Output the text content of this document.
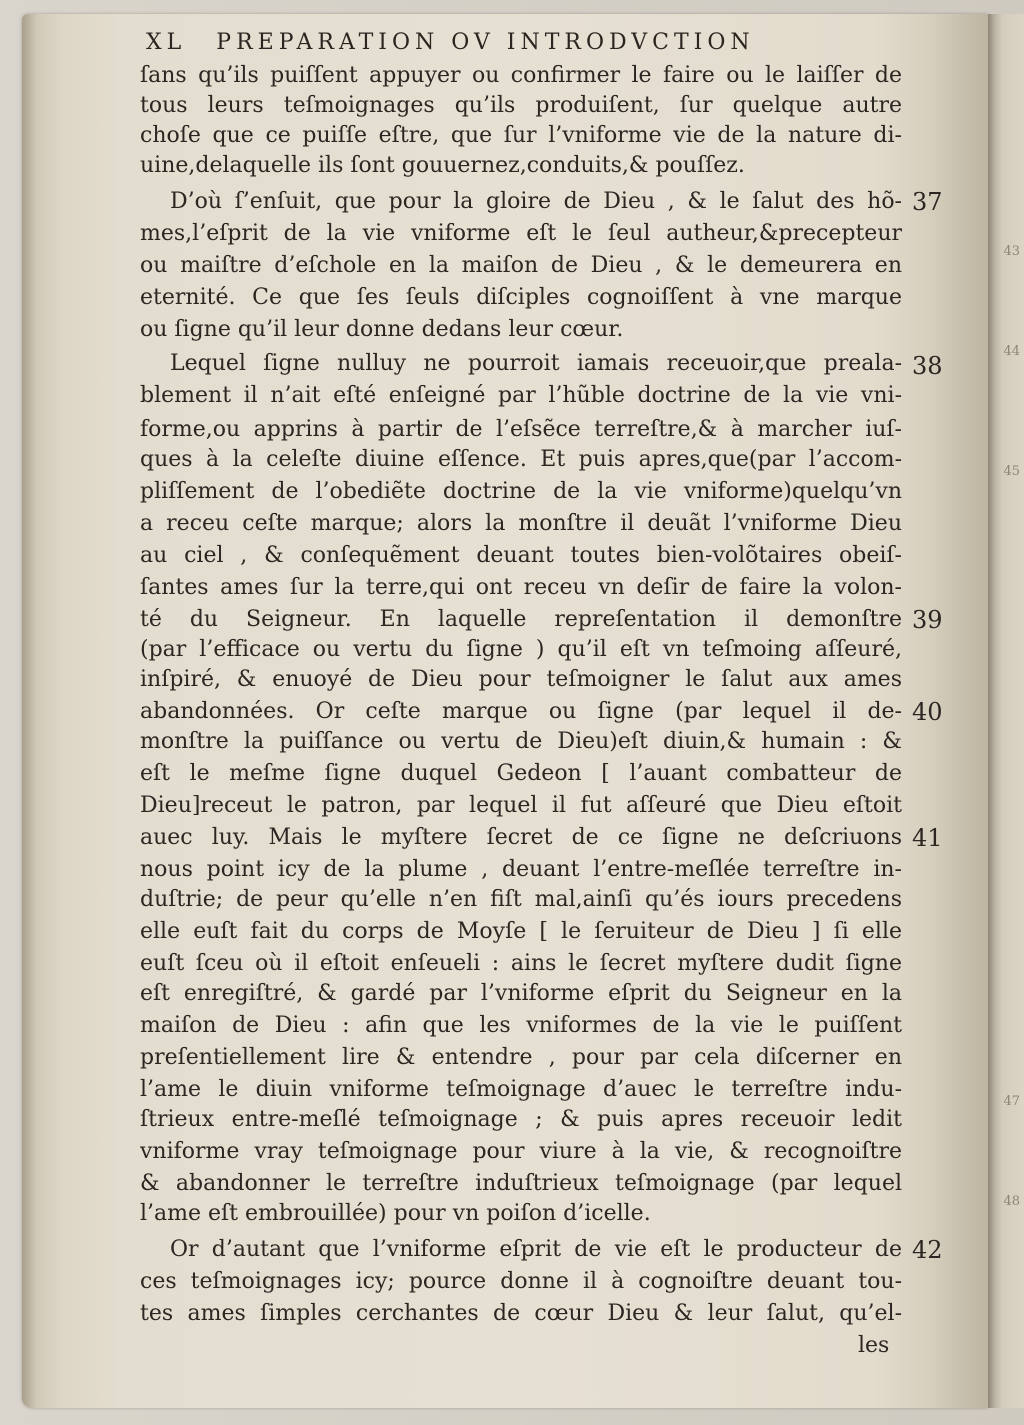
43
44
45
47
48
XL PREPARATION OV INTRODVCTION
ſans qu’ils puiſſent appuyer ou confirmer le faire ou le laiſſer de
tous leurs teſmoignages qu’ils produiſent, ſur quelque autre
choſe que ce puiſſe eſtre, que ſur l’vniforme vie de la nature di-
uine,delaquelle ils ſont gouuernez,conduits,& pouſſez.
D’où ſ’enſuit, que pour la gloire de Dieu , & le ſalut des hõ-
mes,l’eſprit de la vie vniforme eſt le ſeul autheur,&precepteur
ou maiſtre d’eſchole en la maiſon de Dieu , & le demeurera en
eternité. Ce que ſes ſeuls diſciples cognoiſſent à vne marque
ou ſigne qu’il leur donne dedans leur cœur.
Lequel ſigne nulluy ne pourroit iamais receuoir,que preala-
blement il n’ait eſté enſeigné par l’hũble doctrine de la vie vni-
forme,ou apprins à partir de l’eſsẽce terreſtre,& à marcher iuſ-
ques à la celeſte diuine eſſence. Et puis apres,que(par l’accom-
pliſſement de l’obediẽte doctrine de la vie vniforme)quelqu’vn
a receu ceſte marque; alors la monſtre il deuãt l’vniforme Dieu
au ciel , & conſequẽment deuant toutes bien-volõtaires obeiſ-
ſantes ames ſur la terre,qui ont receu vn deſir de faire la volon-
té du Seigneur. En laquelle repreſentation il demonſtre
(par l’efficace ou vertu du ſigne ) qu’il eſt vn teſmoing aſſeuré,
inſpiré, & enuoyé de Dieu pour teſmoigner le ſalut aux ames
abandonnées. Or ceſte marque ou ſigne (par lequel il de-
monſtre la puiſſance ou vertu de Dieu)eſt diuin,& humain : &
eſt le meſme ſigne duquel Gedeon [ l’auant combatteur de
Dieu]receut le patron, par lequel il fut aſſeuré que Dieu eſtoit
auec luy. Mais le myſtere ſecret de ce ſigne ne deſcriuons
nous point icy de la plume , deuant l’entre-meſlée terreſtre in-
duſtrie; de peur qu’elle n’en fiſt mal,ainſi qu’és iours precedens
elle euſt fait du corps de Moyſe [ le ſeruiteur de Dieu ] ſi elle
euſt ſceu où il eſtoit enſeueli : ains le ſecret myſtere dudit ſigne
eſt enregiſtré, & gardé par l’vniforme eſprit du Seigneur en la
maiſon de Dieu : afin que les vniformes de la vie le puiſſent
preſentiellement lire & entendre , pour par cela diſcerner en
l’ame le diuin vniforme teſmoignage d’auec le terreſtre indu-
ſtrieux entre-meſlé teſmoignage ; & puis apres receuoir ledit
vniforme vray teſmoignage pour viure à la vie, & recognoiſtre
& abandonner le terreſtre induſtrieux teſmoignage (par lequel
l’ame eſt embrouillée) pour vn poiſon d’icelle.
Or d’autant que l’vniforme eſprit de vie eſt le producteur de
ces teſmoignages icy; pource donne il à cognoiſtre deuant tou-
tes ames ſimples cerchantes de cœur Dieu & leur ſalut, qu’el-
les
37
38
39
40
41
42
